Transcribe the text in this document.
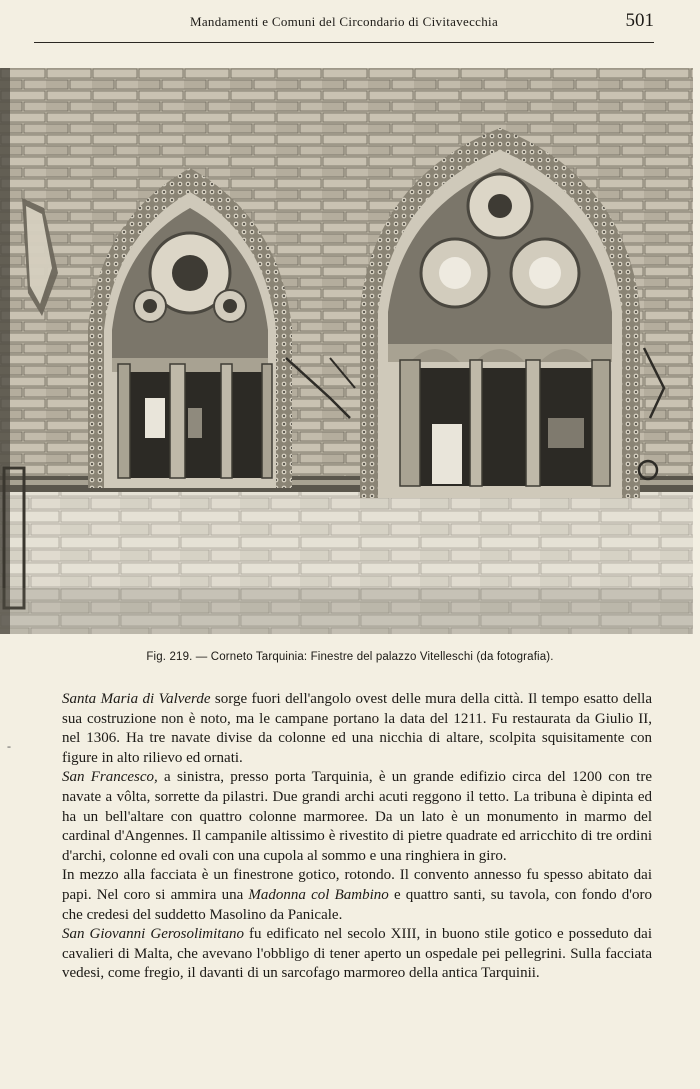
Mandamenti e Comuni del Circondario di Civitavecchia	501
Fig. 219. — Corneto Tarquinia: Finestre del palazzo Vitelleschi (da fotografia).
-

Santa Maria di Valverde sorge fuori dell'angolo ovest delle mura della città. Il tempo esatto della sua costruzione non è noto, ma le campane portano la data del 1211. Fu restaurata da Giulio II, nel 1306. Ha tre navate divise da colonne ed una nicchia di altare, scolpita squisitamente con figure in alto rilievo ed ornati.

San Francesco, a sinistra, presso porta Tarquinia, è un grande edifizio circa del 1200 con tre navate a vôlta, sorrette da pilastri. Due grandi archi acuti reggono il tetto. La tribuna è dipinta ed ha un bell'altare con quattro colonne marmoree. Da un lato è un monumento in marmo del cardinal d'Angennes. Il campanile altissimo è rivestito di pietre quadrate ed arricchito di tre ordini d'archi, colonne ed ovali con una cupola al sommo e una ringhiera in giro.

In mezzo alla facciata è un finestrone gotico, rotondo. Il convento annesso fu spesso abitato dai papi. Nel coro si ammira una Madonna col Bambino e quattro santi, su tavola, con fondo d'oro che credesi del suddetto Masolino da Panicale.

San Giovanni Gerosolimitano fu edificato nel secolo XIII, in buono stile gotico e posseduto dai cavalieri di Malta, che avevano l'obbligo di tener aperto un ospedale pei pellegrini. Sulla facciata vedesi, come fregio, il davanti di un sarcofago marmoreo della antica Tarquinii.
